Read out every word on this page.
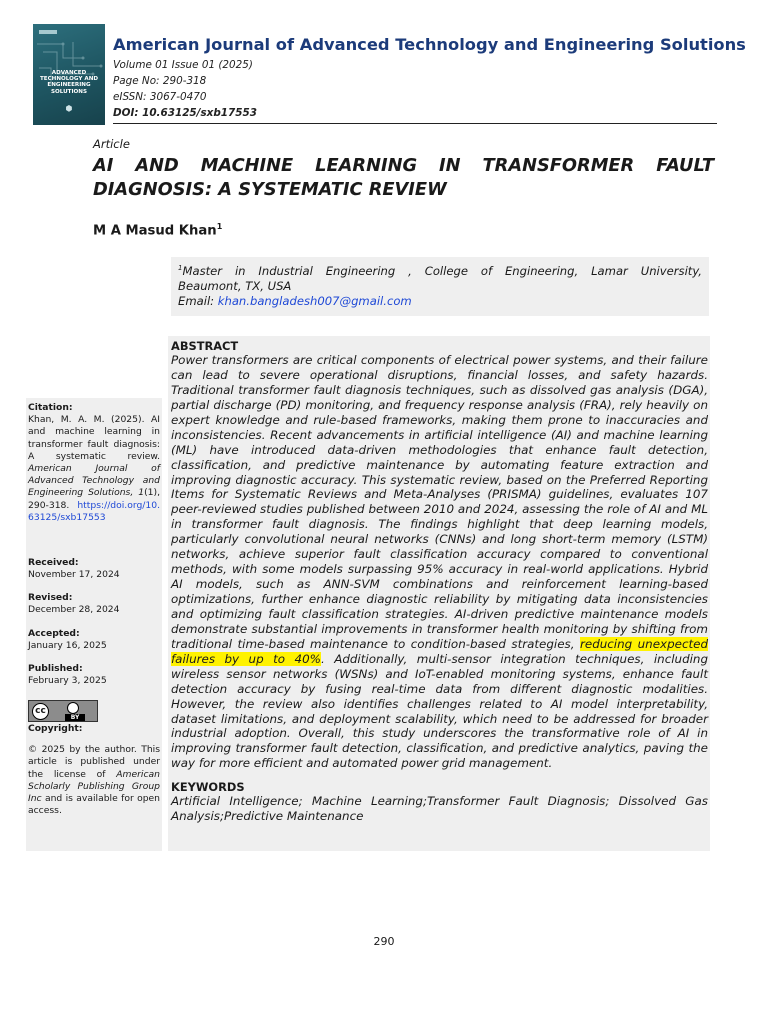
ADVANCED TECHNOLOGY AND ENGINEERING SOLUTIONS
⬢
American Journal of Advanced Technology and Engineering Solutions
Volume 01 Issue 01 (2025)
Page No: 290-318
eISSN: 3067-0470
DOI: 10.63125/sxb17553
Article
AI AND MACHINE LEARNING IN TRANSFORMER FAULT DIAGNOSIS: A SYSTEMATIC REVIEW
M A Masud Khan$^1$
$^1$Master in Industrial Engineering , College of Engineering, Lamar University,
Beaumont, TX, USA
Email: khan.bangladesh007@gmail.com
Citation:
Khan, M. A. M. (2025). AI and machine learning in transformer fault diagnosis: A systematic review. American Journal of Advanced Technology and Engineering Solutions, 1(1), 290-318. https://doi.org/10.63125/sxb17553
Received:
November 17, 2024
Revised:
December 28, 2024
Accepted:
January 16, 2025
Published:
February 3, 2025
cc
BY
Copyright:
© 2025 by the author. This article is published under the license of American Scholarly Publishing Group Inc and is available for open access.
ABSTRACT
Power transformers are critical components of electrical power systems, and their failure can lead to severe operational disruptions, financial losses, and safety hazards. Traditional transformer fault diagnosis techniques, such as dissolved gas analysis (DGA), partial discharge (PD) monitoring, and frequency response analysis (FRA), rely heavily on expert knowledge and rule-based frameworks, making them prone to inaccuracies and inconsistencies. Recent advancements in artificial intelligence (AI) and machine learning (ML) have introduced data-driven methodologies that enhance fault detection, classification, and predictive maintenance by automating feature extraction and improving diagnostic accuracy. This systematic review, based on the Preferred Reporting Items for Systematic Reviews and Meta-Analyses (PRISMA) guidelines, evaluates 107 peer-reviewed studies published between 2010 and 2024, assessing the role of AI and ML in transformer fault diagnosis. The findings highlight that deep learning models, particularly convolutional neural networks (CNNs) and long short-term memory (LSTM) networks, achieve superior fault classification accuracy compared to conventional methods, with some models surpassing 95% accuracy in real-world applications. Hybrid AI models, such as ANN-SVM combinations and reinforcement learning-based optimizations, further enhance diagnostic reliability by mitigating data inconsistencies and optimizing fault classification strategies. AI-driven predictive maintenance models demonstrate substantial improvements in transformer health monitoring by shifting from traditional time-based maintenance to condition-based strategies, reducing unexpected failures by up to 40%. Additionally, multi-sensor integration techniques, including wireless sensor networks (WSNs) and IoT-enabled monitoring systems, enhance fault detection accuracy by fusing real-time data from different diagnostic modalities. However, the review also identifies challenges related to AI model interpretability, dataset limitations, and deployment scalability, which need to be addressed for broader industrial adoption. Overall, this study underscores the transformative role of AI in improving transformer fault detection, classification, and predictive analytics, paving the way for more efficient and automated power grid management.
KEYWORDS
Artificial Intelligence; Machine Learning;Transformer Fault Diagnosis; Dissolved Gas Analysis;Predictive Maintenance
290
